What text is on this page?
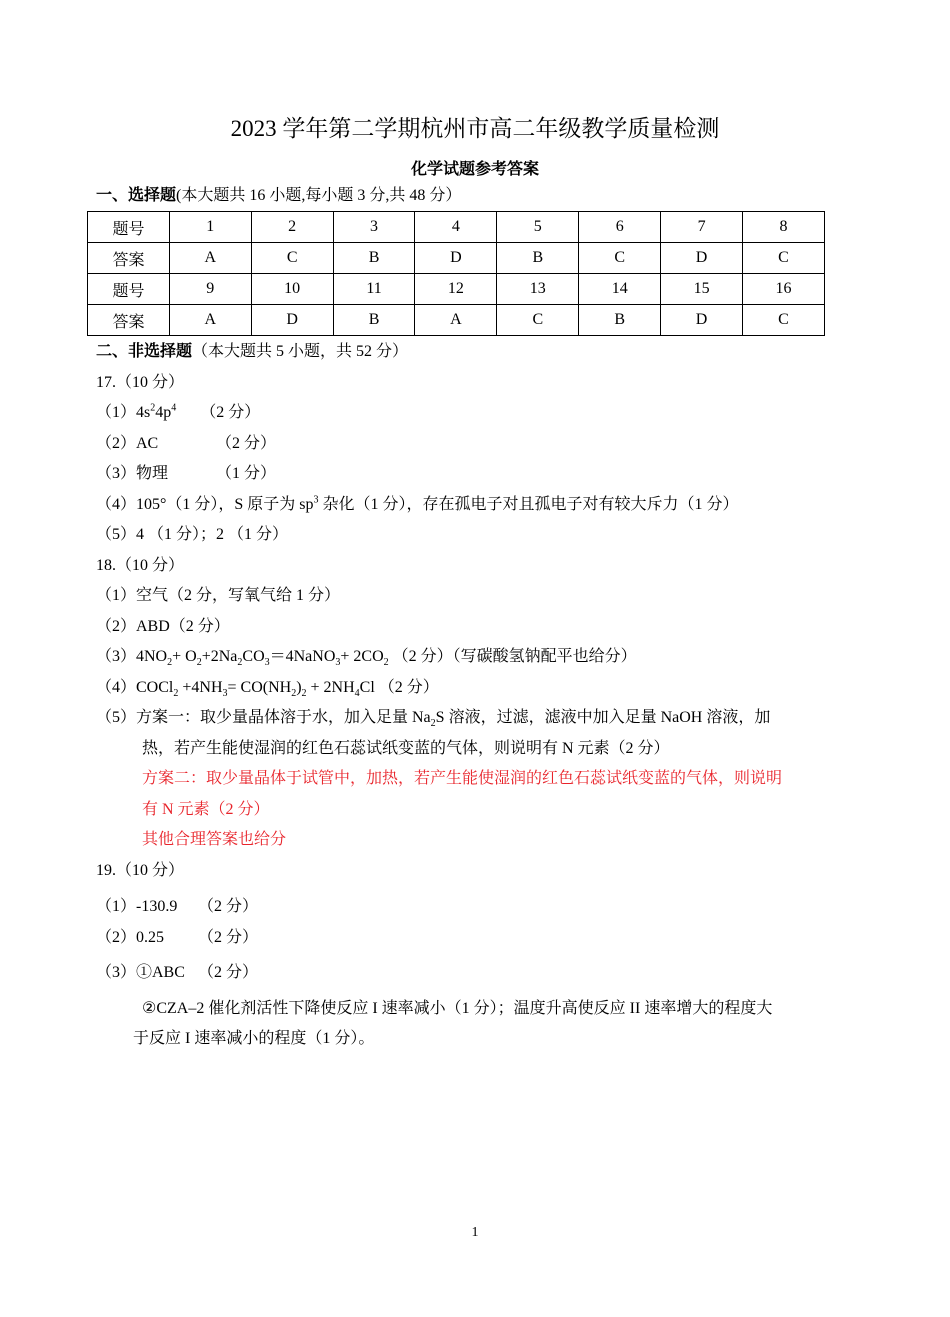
2023 学年第二学期杭州市高二年级教学质量检测
化学试题参考答案
一、选择题(本大题共 16 小题,每小题 3 分,共 48 分）
题号	1	2	3	4	5	6	7	8
答案	A	C	B	D	B	C	D	C
题号	9	10	11	12	13	14	15	16
答案	A	D	B	A	C	B	D	C
二、非选择题（本大题共 5 小题，共 52 分）
17.（10 分）
$(1)4s^24p^4$ （2 分）
（2）AC	（2 分）
（3）物理	（1 分）
（4）105°（1 分），S 原子为 $sp^3$ 杂化（1 分），存在孤电子对且孤电子对有较大斥力（1 分）
（5）4 （1 分）；2 （1 分）
18.（10 分）
（1）空气（2 分，写氧气给 1 分）
（2）ABD（2 分）
$(3)4NO_2+$ $O_2+2Na_2CO_3=4NaNO_3+ 2CO_2$ （2 分）（写碳酸氢钠配平也给分）
（4）COCl$_2$ $+4NH_3= CO(NH_2)_2 + 2NH_4Cl$ （2 分）
（5）方案一：取少量晶体溶于水，加入足量 $Na_2S$ 溶液，过滤，滤液中加入足量 NaOH 溶液，加
热，若产生能使湿润的红色石蕊试纸变蓝的气体，则说明有 N 元素（2 分）
方案二：取少量晶体于试管中，加热，若产生能使湿润的红色石蕊试纸变蓝的气体，则说明
有 N 元素（2 分）
其他合理答案也给分
19.（10 分）
（1）-130.9 （2 分）
（2）0.25 （2 分）
（3）①ABC （2 分）
②CZA–2 催化剂活性下降使反应 I 速率减小（1 分）；温度升高使反应 II 速率增大的程度大
于反应 I 速率减小的程度（1 分）。
1
